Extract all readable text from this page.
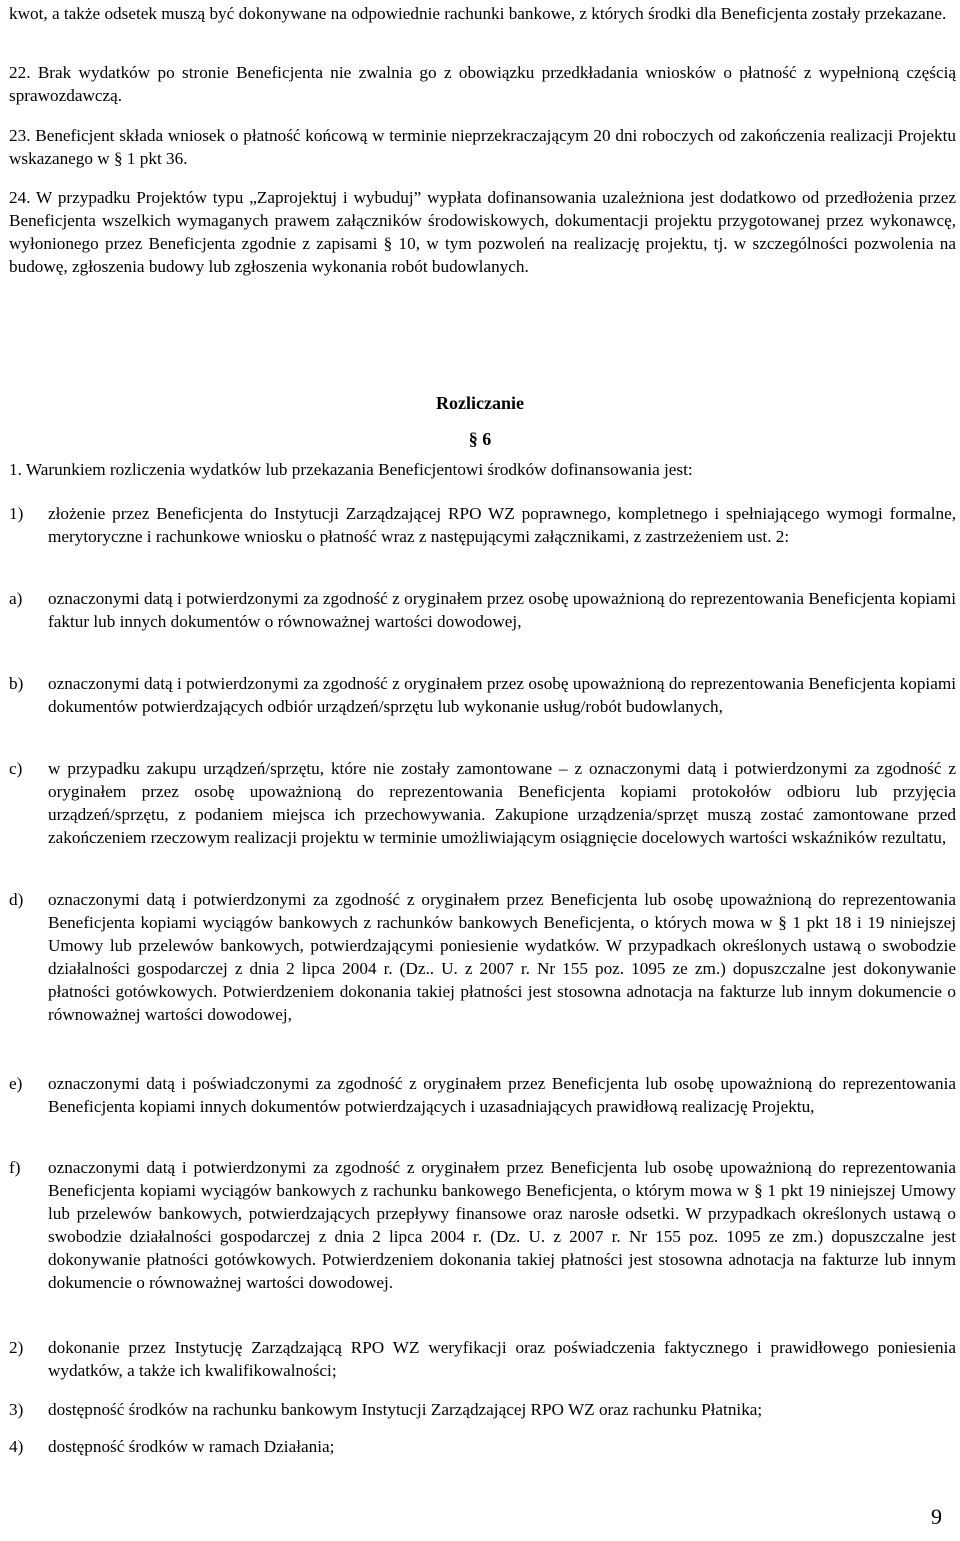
kwot, a także odsetek muszą być dokonywane na odpowiednie rachunki bankowe, z których środki dla Beneficjenta zostały przekazane.

22. Brak wydatków po stronie Beneficjenta nie zwalnia go z obowiązku przedkładania wniosków o płatność z wypełnioną częścią sprawozdawczą.

23. Beneficjent składa wniosek o płatność końcową w terminie nieprzekraczającym 20 dni roboczych od zakończenia realizacji Projektu wskazanego w § 1 pkt 36.

24. W przypadku Projektów typu „Zaprojektuj i wybuduj” wypłata dofinansowania uzależniona jest dodatkowo od przedłożenia przez Beneficjenta wszelkich wymaganych prawem załączników środowiskowych, dokumentacji projektu przygotowanej przez wykonawcę, wyłonionego przez Beneficjenta zgodnie z zapisami § 10, w tym pozwoleń na realizację projektu, tj. w szczególności pozwolenia na budowę, zgłoszenia budowy lub zgłoszenia wykonania robót budowlanych.

Rozliczanie

§ 6

1. Warunkiem rozliczenia wydatków lub przekazania Beneficjentowi środków dofinansowania jest:

1) złożenie przez Beneficjenta do Instytucji Zarządzającej RPO WZ poprawnego, kompletnego i spełniającego wymogi formalne, merytoryczne i rachunkowe wniosku o płatność wraz z następującymi załącznikami, z zastrzeżeniem ust. 2:
a) oznaczonymi datą i potwierdzonymi za zgodność z oryginałem przez osobę upoważnioną do reprezentowania Beneficjenta kopiami faktur lub innych dokumentów o równoważnej wartości dowodowej,
b) oznaczonymi datą i potwierdzonymi za zgodność z oryginałem przez osobę upoważnioną do reprezentowania Beneficjenta kopiami dokumentów potwierdzających odbiór urządzeń/sprzętu lub wykonanie usług/robót budowlanych,
c) w przypadku zakupu urządzeń/sprzętu, które nie zostały zamontowane – z oznaczonymi datą i potwierdzonymi za zgodność z oryginałem przez osobę upoważnioną do reprezentowania Beneficjenta kopiami protokołów odbioru lub przyjęcia urządzeń/sprzętu, z podaniem miejsca ich przechowywania. Zakupione urządzenia/sprzęt muszą zostać zamontowane przed zakończeniem rzeczowym realizacji projektu w terminie umożliwiającym osiągnięcie docelowych wartości wskaźników rezultatu,
d) oznaczonymi datą i potwierdzonymi za zgodność z oryginałem przez Beneficjenta lub osobę upoważnioną do reprezentowania Beneficjenta kopiami wyciągów bankowych z rachunków bankowych Beneficjenta, o których mowa w § 1 pkt 18 i 19 niniejszej Umowy lub przelewów bankowych, potwierdzającymi poniesienie wydatków. W przypadkach określonych ustawą o swobodzie działalności gospodarczej z dnia 2 lipca 2004 r. (Dz.. U. z 2007 r. Nr 155 poz. 1095 ze zm.) dopuszczalne jest dokonywanie płatności gotówkowych. Potwierdzeniem dokonania takiej płatności jest stosowna adnotacja na fakturze lub innym dokumencie o równoważnej wartości dowodowej,
e) oznaczonymi datą i poświadczonymi za zgodność z oryginałem przez Beneficjenta lub osobę upoważnioną do reprezentowania Beneficjenta kopiami innych dokumentów potwierdzających i uzasadniających prawidłową realizację Projektu,
f) oznaczonymi datą i potwierdzonymi za zgodność z oryginałem przez Beneficjenta lub osobę upoważnioną do reprezentowania Beneficjenta kopiami wyciągów bankowych z rachunku bankowego Beneficjenta, o którym mowa w § 1 pkt 19 niniejszej Umowy lub przelewów bankowych, potwierdzających przepływy finansowe oraz narosłe odsetki. W przypadkach określonych ustawą o swobodzie działalności gospodarczej z dnia 2 lipca 2004 r. (Dz. U. z 2007 r. Nr 155 poz. 1095 ze zm.) dopuszczalne jest dokonywanie płatności gotówkowych. Potwierdzeniem dokonania takiej płatności jest stosowna adnotacja na fakturze lub innym dokumencie o równoważnej wartości dowodowej.
2) dokonanie przez Instytucję Zarządzającą RPO WZ weryfikacji oraz poświadczenia faktycznego i prawidłowego poniesienia wydatków, a także ich kwalifikowalności;
3) dostępność środków na rachunku bankowym Instytucji Zarządzającej RPO WZ oraz rachunku Płatnika;
4) dostępność środków w ramach Działania;
9
